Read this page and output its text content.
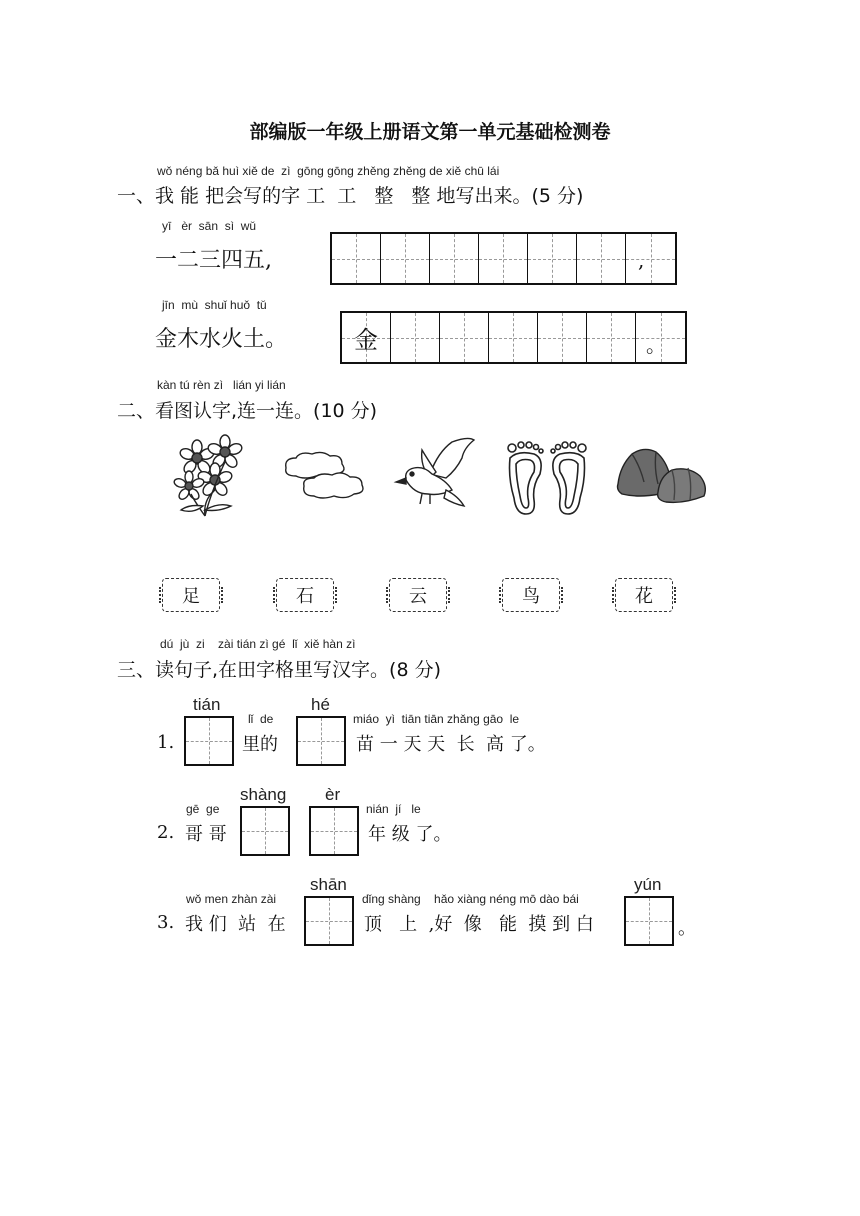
部编版一年级上册语文第一单元基础检测卷
wǒ néng bǎ huì xiě de  zì  gōng gōng zhěng zhěng de xiě chū lái
一、我 能 把会写的字 工  工   整   整 地写出来。(5 分)
yī   èr  sān  sì  wǔ
一二三四五,	,
jīn  mù  shuǐ huǒ  tǔ
金木水火土。	金	。
kàn tú rèn zì   lián yi lián
二、看图认字,连一连。(10 分)
足	石	云	鸟	花
dú  jù  zi    zài tián zì gé  lǐ  xiě hàn zì
三、读句子,在田字格里写汉字。(8 分)
1.
tián
lǐ  de
里的
hé
miáo  yì  tiān tiān zhǎng gāo  le
苗 一 天 天  长  高 了。
2.
gē  ge
哥 哥
shàng èr
nián  jí   le
年 级 了。
3.
wǒ men zhàn zài
我 们  站  在
shān
dǐng shàng    hǎo xiàng néng mō dào bái
顶   上  ,好  像   能  摸 到 白
yún
。
